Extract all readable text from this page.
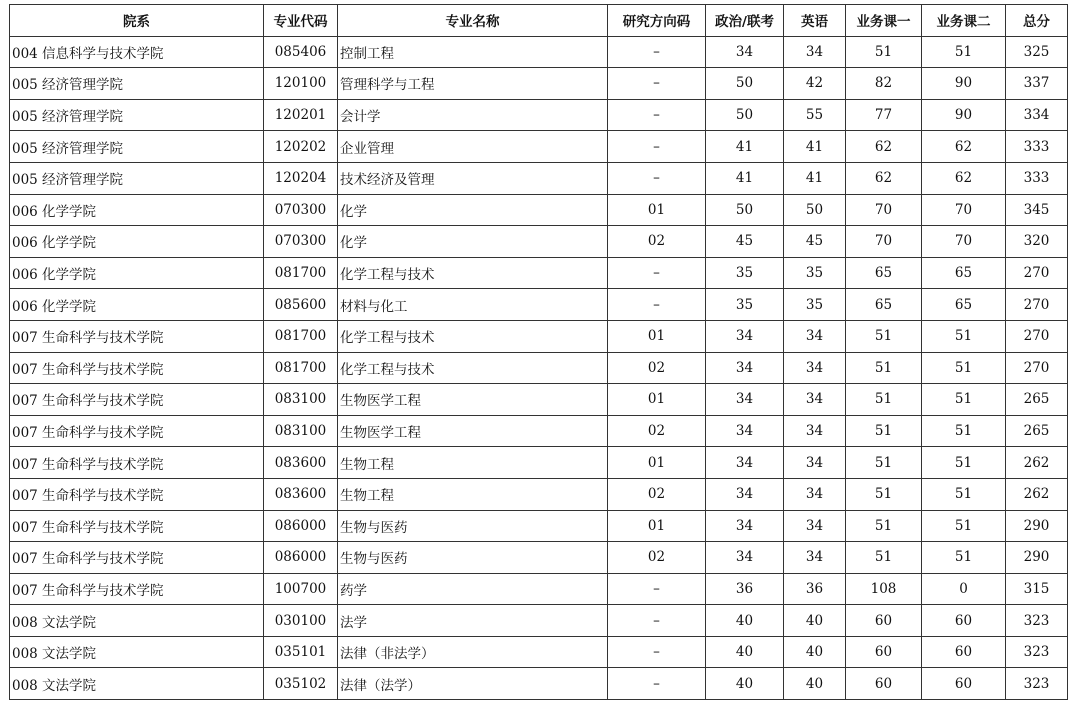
院系	专业代码	专业名称	研究方向码	政治/联考	英语	业务课一	业务课二	总分
004 信息科学与技术学院	085406	控制工程	–	34	34	51	51	325
005 经济管理学院	120100	管理科学与工程	–	50	42	82	90	337
005 经济管理学院	120201	会计学	–	50	55	77	90	334
005 经济管理学院	120202	企业管理	–	41	41	62	62	333
005 经济管理学院	120204	技术经济及管理	–	41	41	62	62	333
006 化学学院	070300	化学	01	50	50	70	70	345
006 化学学院	070300	化学	02	45	45	70	70	320
006 化学学院	081700	化学工程与技术	–	35	35	65	65	270
006 化学学院	085600	材料与化工	–	35	35	65	65	270
007 生命科学与技术学院	081700	化学工程与技术	01	34	34	51	51	270
007 生命科学与技术学院	081700	化学工程与技术	02	34	34	51	51	270
007 生命科学与技术学院	083100	生物医学工程	01	34	34	51	51	265
007 生命科学与技术学院	083100	生物医学工程	02	34	34	51	51	265
007 生命科学与技术学院	083600	生物工程	01	34	34	51	51	262
007 生命科学与技术学院	083600	生物工程	02	34	34	51	51	262
007 生命科学与技术学院	086000	生物与医药	01	34	34	51	51	290
007 生命科学与技术学院	086000	生物与医药	02	34	34	51	51	290
007 生命科学与技术学院	100700	药学	–	36	36	108	0	315
008 文法学院	030100	法学	–	40	40	60	60	323
008 文法学院	035101	法律（非法学）	–	40	40	60	60	323
008 文法学院	035102	法律（法学）	–	40	40	60	60	323
